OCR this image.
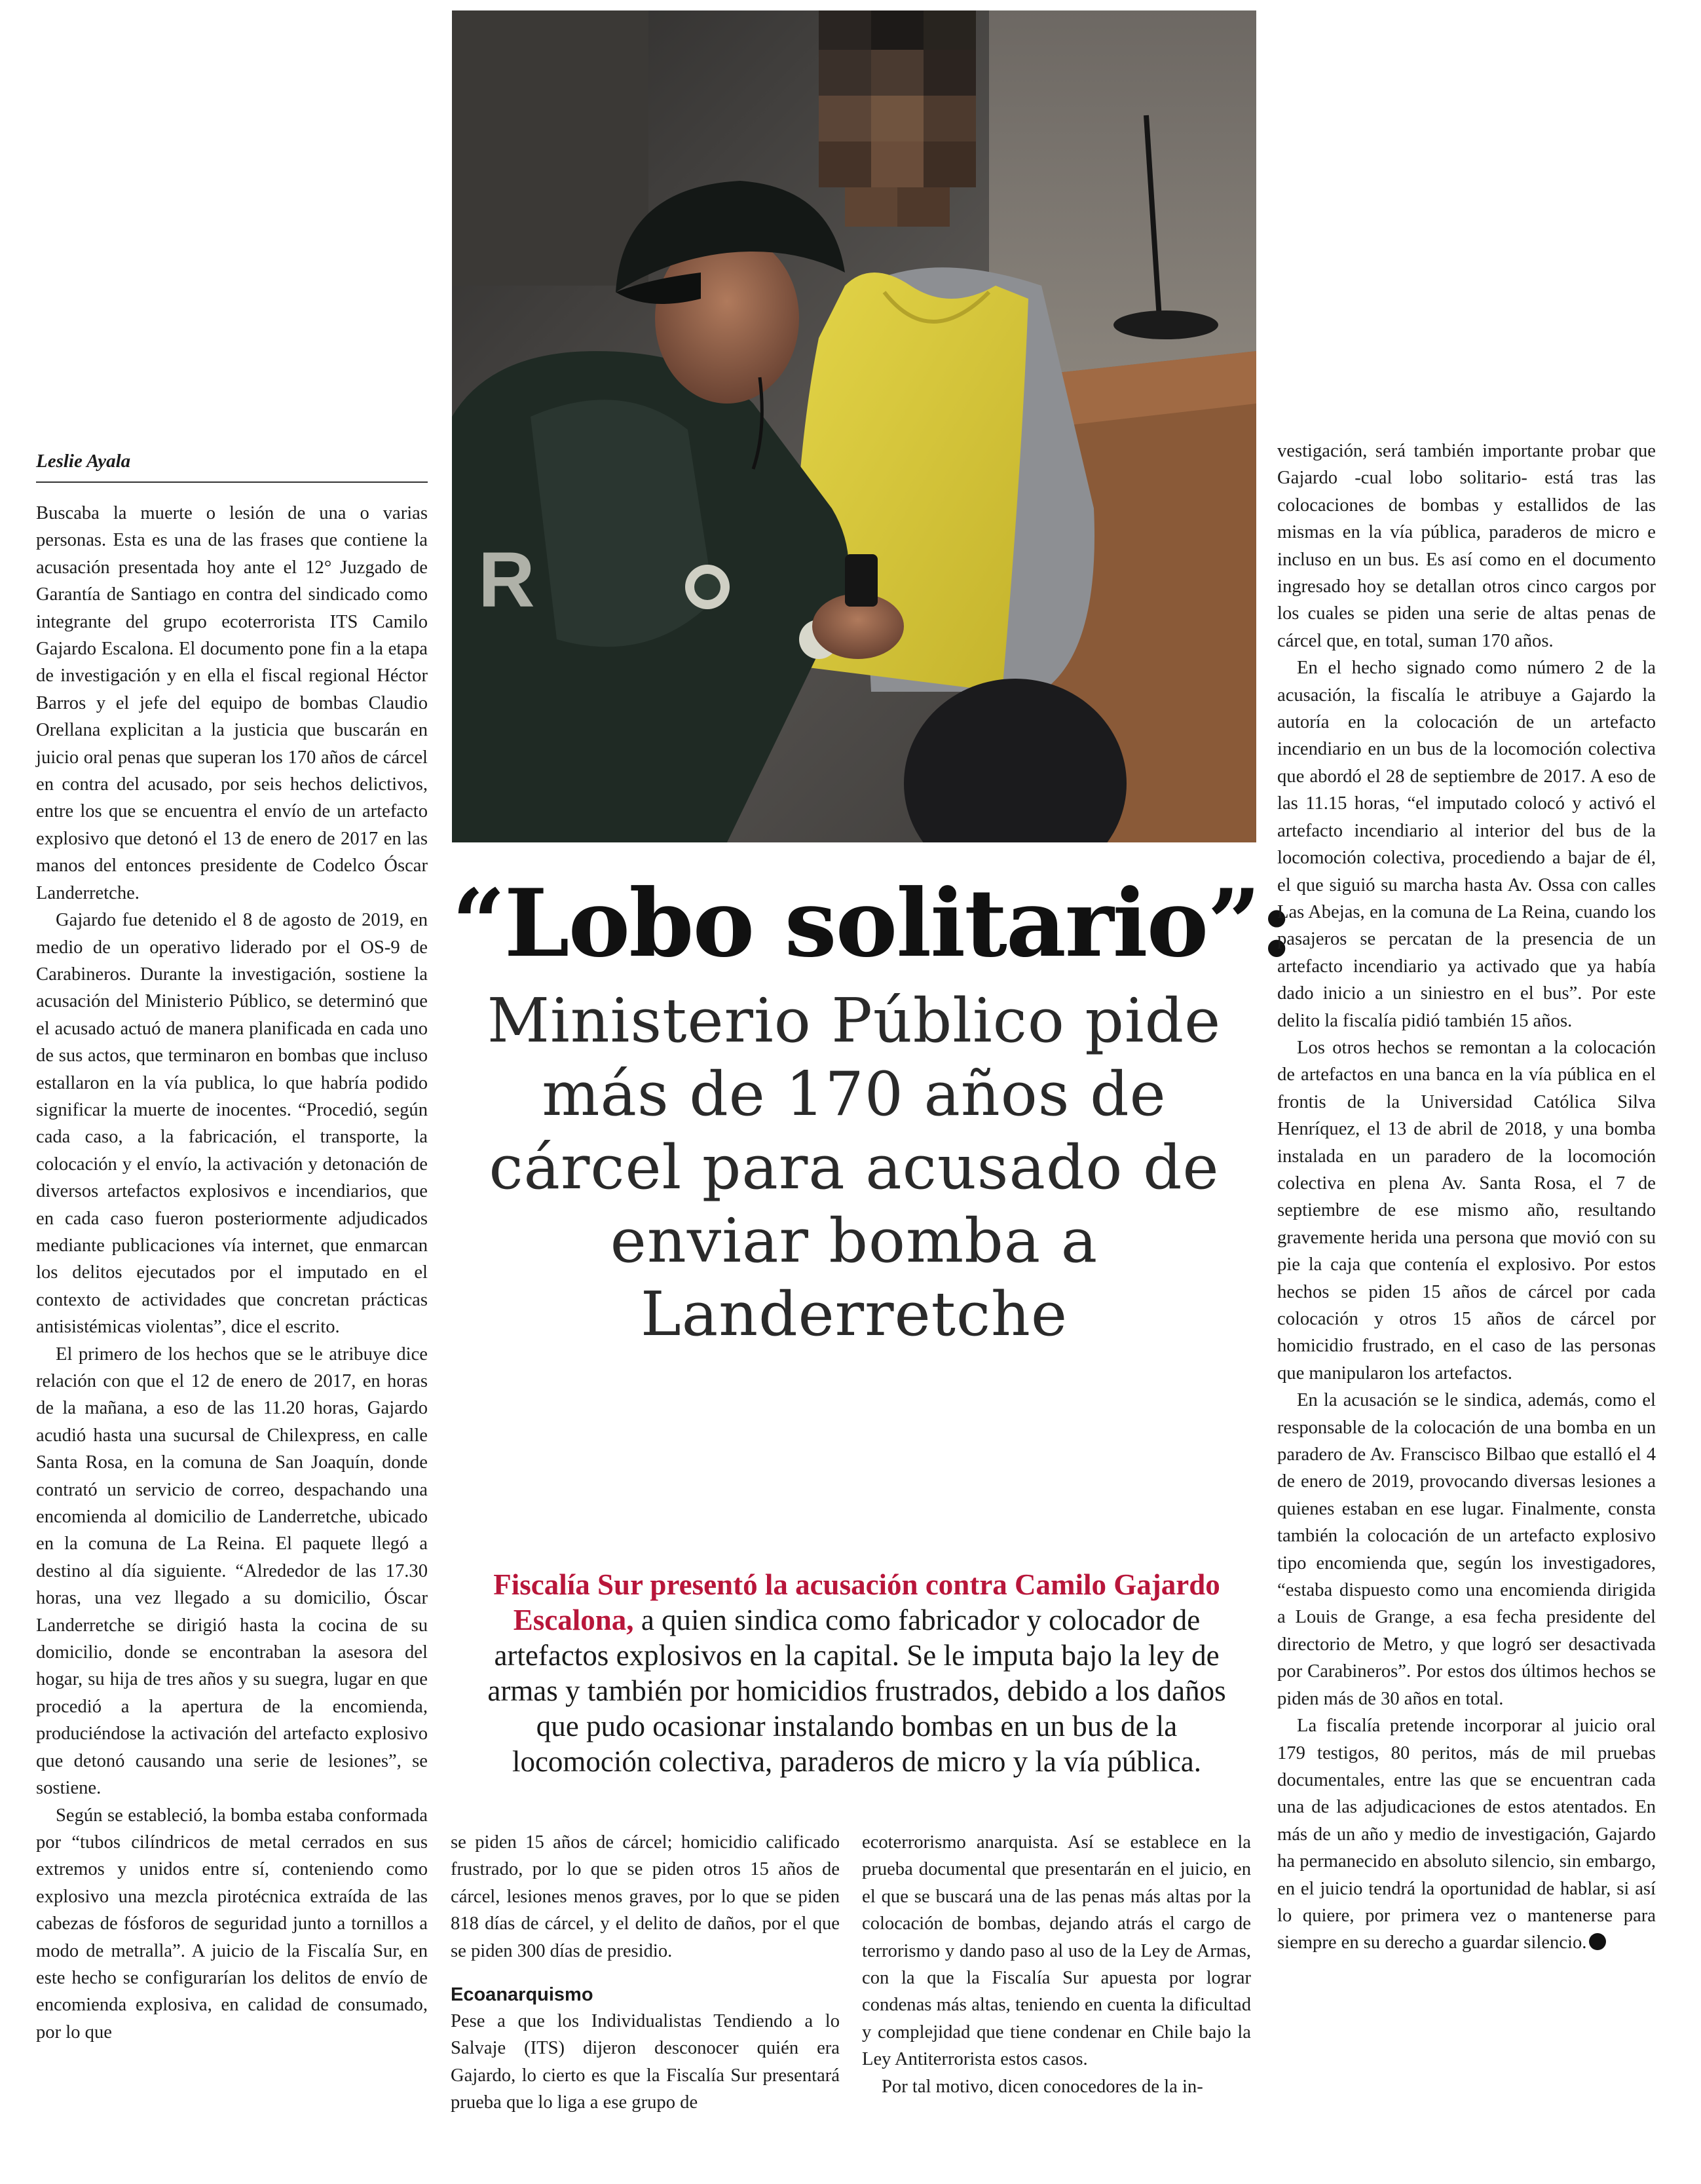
Leslie Ayala

Buscaba la muerte o lesión de una o varias personas. Esta es una de las frases que contiene la acusación presentada hoy ante el 12° Juzgado de Garantía de Santiago en contra del sindicado como integrante del grupo ecoterrorista ITS Camilo Gajardo Escalona. El documento pone fin a la etapa de investigación y en ella el fiscal regional Héctor Barros y el jefe del equipo de bombas Claudio Orellana explicitan a la justicia que buscarán en juicio oral penas que superan los 170 años de cárcel en contra del acusado, por seis hechos delictivos, entre los que se encuentra el envío de un artefacto explosivo que detonó el 13 de enero de 2017 en las manos del entonces presidente de Codelco Óscar Landerretche.

Gajardo fue detenido el 8 de agosto de 2019, en medio de un operativo liderado por el OS-9 de Carabineros. Durante la investigación, sostiene la acusación del Ministerio Público, se determinó que el acusado actuó de manera planificada en cada uno de sus actos, que terminaron en bombas que incluso estallaron en la vía publica, lo que habría podido significar la muerte de inocentes. “Procedió, según cada caso, a la fabricación, el transporte, la colocación y el envío, la activación y detonación de diversos artefactos explosivos e incendiarios, que en cada caso fueron posteriormente adjudicados mediante publicaciones vía internet, que enmarcan los delitos ejecutados por el imputado en el contexto de actividades que concretan prácticas antisistémicas violentas”, dice el escrito.

El primero de los hechos que se le atribuye dice relación con que el 12 de enero de 2017, en horas de la mañana, a eso de las 11.20 horas, Gajardo acudió hasta una sucursal de Chilexpress, en calle Santa Rosa, en la comuna de San Joaquín, donde contrató un servicio de correo, despachando una encomienda al domicilio de Landerretche, ubicado en la comuna de La Reina. El paquete llegó a destino al día siguiente. “Alrededor de las 17.30 horas, una vez llegado a su domicilio, Óscar Landerretche se dirigió hasta la cocina de su domicilio, donde se encontraban la asesora del hogar, su hija de tres años y su suegra, lugar en que procedió a la apertura de la encomienda, produciéndose la activación del artefacto explosivo que detonó causando una serie de lesiones”, se sostiene.

Según se estableció, la bomba estaba conformada por “tubos cilíndricos de metal cerrados en sus extremos y unidos entre sí, conteniendo como explosivo una mezcla pirotécnica extraída de las cabezas de fósforos de seguridad junto a tornillos a modo de metralla”. A juicio de la Fiscalía Sur, en este hecho se configurarían los delitos de envío de encomienda explosiva, en calidad de consumado, por lo que

R
“Lobo solitario”:
Ministerio Público pide más de 170 años de cárcel para acusado de enviar bomba a Landerretche
Fiscalía Sur presentó la acusación contra Camilo Gajardo Escalona, a quien sindica como fabricador y colocador de artefactos explosivos en la capital. Se le imputa bajo la ley de armas y también por homicidios frustrados, debido a los daños que pudo ocasionar instalando bombas en un bus de la locomoción colectiva, paraderos de micro y la vía pública.

se piden 15 años de cárcel; homicidio calificado frustrado, por lo que se piden otros 15 años de cárcel, lesiones menos graves, por lo que se piden 818 días de cárcel, y el delito de daños, por el que se piden 300 días de presidio.

Ecoanarquismo

Pese a que los Individualistas Tendiendo a lo Salvaje (ITS) dijeron desconocer quién era Gajardo, lo cierto es que la Fiscalía Sur presentará prueba que lo liga a ese grupo de

ecoterrorismo anarquista. Así se establece en la prueba documental que presentarán en el juicio, en el que se buscará una de las penas más altas por la colocación de bombas, dejando atrás el cargo de terrorismo y dando paso al uso de la Ley de Armas, con la que la Fiscalía Sur apuesta por lograr condenas más altas, teniendo en cuenta la dificultad y complejidad que tiene condenar en Chile bajo la Ley Antiterrorista estos casos.

Por tal motivo, dicen conocedores de la in-

vestigación, será también importante probar que Gajardo -cual lobo solitario- está tras las colocaciones de bombas y estallidos de las mismas en la vía pública, paraderos de micro e incluso en un bus. Es así como en el documento ingresado hoy se detallan otros cinco cargos por los cuales se piden una serie de altas penas de cárcel que, en total, suman 170 años.

En el hecho signado como número 2 de la acusación, la fiscalía le atribuye a Gajardo la autoría en la colocación de un artefacto incendiario en un bus de la locomoción colectiva que abordó el 28 de septiembre de 2017. A eso de las 11.15 horas, “el imputado colocó y activó el artefacto incendiario al interior del bus de la locomoción colectiva, procediendo a bajar de él, el que siguió su marcha hasta Av. Ossa con calles Las Abejas, en la comuna de La Reina, cuando los pasajeros se percatan de la presencia de un artefacto incendiario ya activado que ya había dado inicio a un siniestro en el bus”. Por este delito la fiscalía pidió también 15 años.

Los otros hechos se remontan a la colocación de artefactos en una banca en la vía pública en el frontis de la Universidad Católica Silva Henríquez, el 13 de abril de 2018, y una bomba instalada en un paradero de la locomoción colectiva en plena Av. Santa Rosa, el 7 de septiembre de ese mismo año, resultando gravemente herida una persona que movió con su pie la caja que contenía el explosivo. Por estos hechos se piden 15 años de cárcel por cada colocación y otros 15 años de cárcel por homicidio frustrado, en el caso de las personas que manipularon los artefactos.

En la acusación se le sindica, además, como el responsable de la colocación de una bomba en un paradero de Av. Franscisco Bilbao que estalló el 4 de enero de 2019, provocando diversas lesiones a quienes estaban en ese lugar. Finalmente, consta también la colocación de un artefacto explosivo tipo encomienda que, según los investigadores, “estaba dispuesto como una encomienda dirigida a Louis de Grange, a esa fecha presidente del directorio de Metro, y que logró ser desactivada por Carabineros”. Por estos dos últimos hechos se piden más de 30 años en total.

La fiscalía pretende incorporar al juicio oral 179 testigos, 80 peritos, más de mil pruebas documentales, entre las que se encuentran cada una de las adjudicaciones de estos atentados. En más de un año y medio de investigación, Gajardo ha permanecido en absoluto silencio, sin embargo, en el juicio tendrá la oportunidad de hablar, si así lo quiere, por primera vez o mantenerse para siempre en su derecho a guardar silencio.
